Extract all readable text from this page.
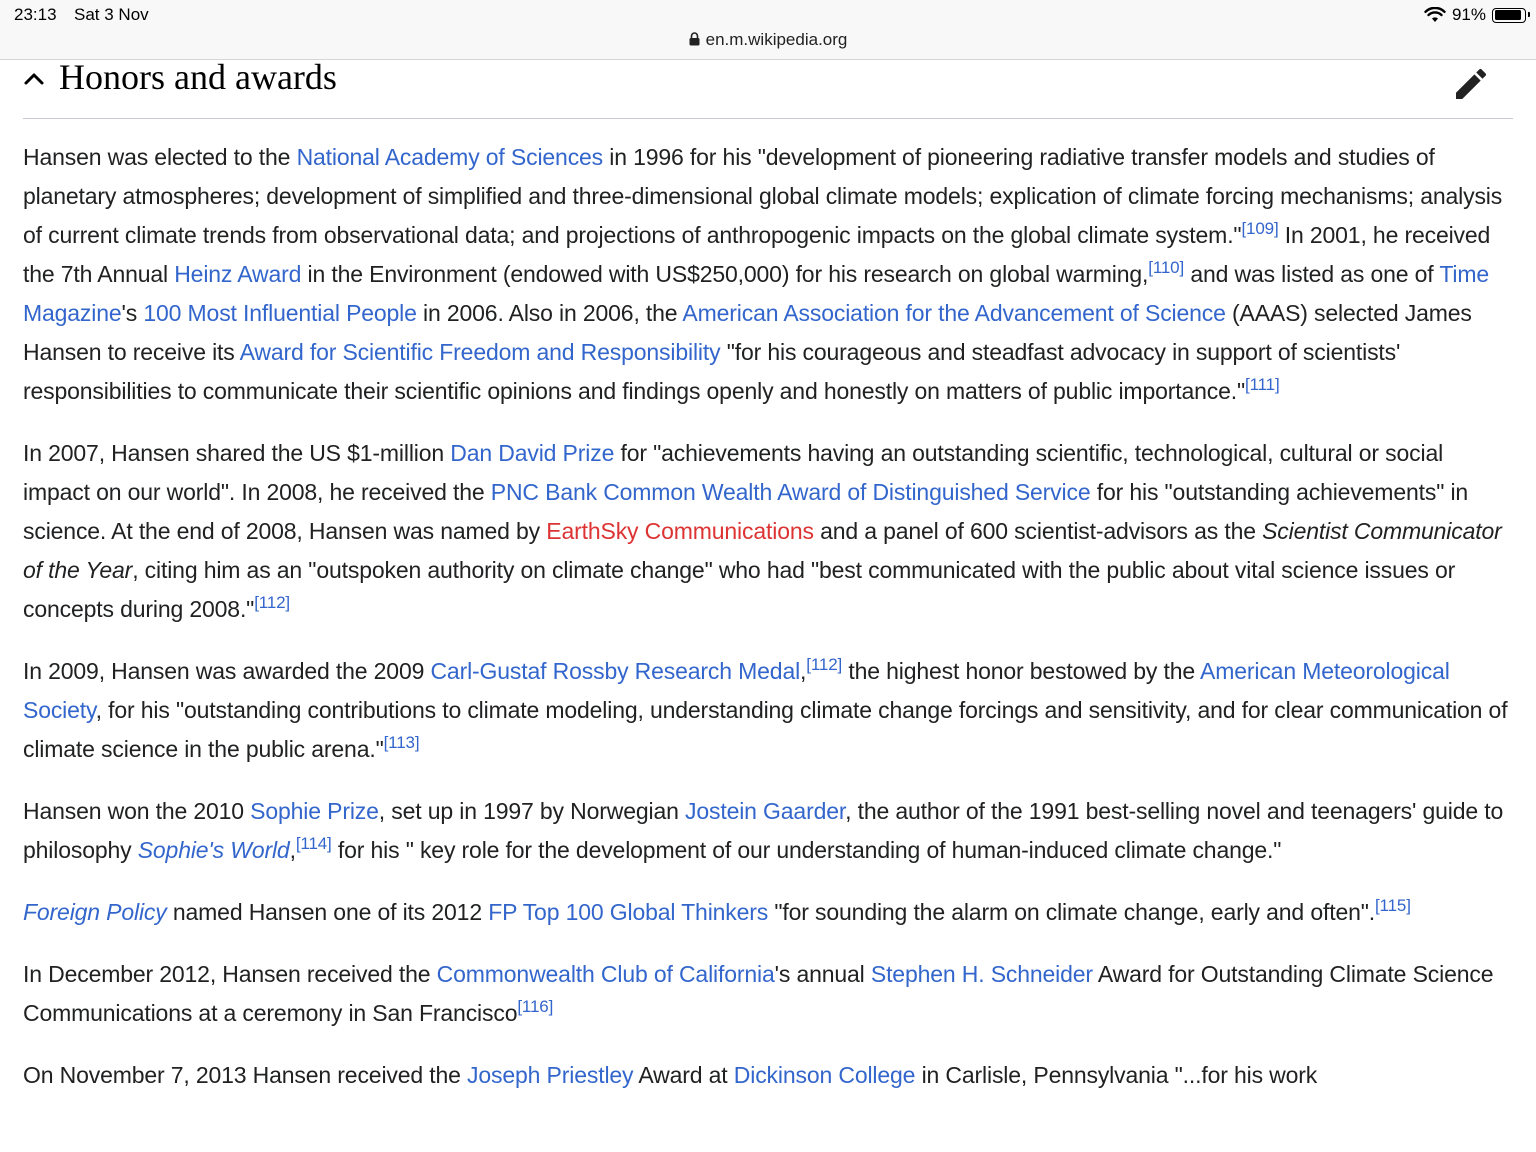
23:13 Sat 3 Nov	91%
en.m.wikipedia.org
Honors and awards

Hansen was elected to the National Academy of Sciences in 1996 for his "development of pioneering radiative transfer models and studies of planetary atmospheres; development of simplified and three-dimensional global climate models; explication of climate forcing mechanisms; analysis of current climate trends from observational data; and projections of anthropogenic impacts on the global climate system."[109] In 2001, he received the 7th Annual Heinz Award in the Environment (endowed with US$250,000) for his research on global warming,[110] and was listed as one of Time Magazine's 100 Most Influential People in 2006. Also in 2006, the American Association for the Advancement of Science (AAAS) selected James Hansen to receive its Award for Scientific Freedom and Responsibility "for his courageous and steadfast advocacy in support of scientists' responsibilities to communicate their scientific opinions and findings openly and honestly on matters of public importance."[111]

In 2007, Hansen shared the US $1-million Dan David Prize for "achievements having an outstanding scientific, technological, cultural or social impact on our world". In 2008, he received the PNC Bank Common Wealth Award of Distinguished Service for his "outstanding achievements" in science. At the end of 2008, Hansen was named by EarthSky Communications and a panel of 600 scientist-advisors as the Scientist Communicator of the Year, citing him as an "outspoken authority on climate change" who had "best communicated with the public about vital science issues or concepts during 2008."[112]

In 2009, Hansen was awarded the 2009 Carl-Gustaf Rossby Research Medal,[112] the highest honor bestowed by the American Meteorological Society, for his "outstanding contributions to climate modeling, understanding climate change forcings and sensitivity, and for clear communication of climate science in the public arena."[113]

Hansen won the 2010 Sophie Prize, set up in 1997 by Norwegian Jostein Gaarder, the author of the 1991 best-selling novel and teenagers' guide to philosophy Sophie's World,[114] for his " key role for the development of our understanding of human-induced climate change."

Foreign Policy named Hansen one of its 2012 FP Top 100 Global Thinkers "for sounding the alarm on climate change, early and often".[115]

In December 2012, Hansen received the Commonwealth Club of California's annual Stephen H. Schneider Award for Outstanding Climate Science Communications at a ceremony in San Francisco[116]

On November 7, 2013 Hansen received the Joseph Priestley Award at Dickinson College in Carlisle, Pennsylvania "...for his work
